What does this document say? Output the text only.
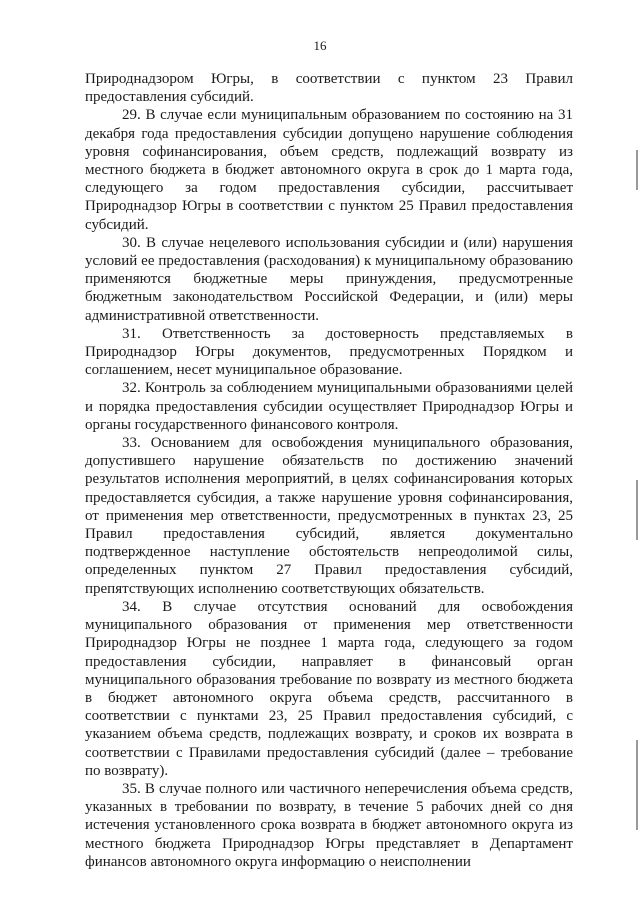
16

Природнадзором Югры, в соответствии с пунктом 23 Правил предоставления субсидий.

29. В случае если муниципальным образованием по состоянию на 31 декабря года предоставления субсидии допущено нарушение соблюдения уровня софинансирования, объем средств, подлежащий возврату из местного бюджета в бюджет автономного округа в срок до 1 марта года, следующего за годом предоставления субсидии, рассчитывает Природнадзор Югры в соответствии с пунктом 25 Правил предоставления субсидий.

30. В случае нецелевого использования субсидии и (или) нарушения условий ее предоставления (расходования) к муниципальному образованию применяются бюджетные меры принуждения, предусмотренные бюджетным законодательством Российской Федерации, и (или) меры административной ответственности.

31. Ответственность за достоверность представляемых в Природнадзор Югры документов, предусмотренных Порядком и соглашением, несет муниципальное образование.

32. Контроль за соблюдением муниципальными образованиями целей и порядка предоставления субсидии осуществляет Природнадзор Югры и органы государственного финансового контроля.

33. Основанием для освобождения муниципального образования, допустившего нарушение обязательств по достижению значений результатов исполнения мероприятий, в целях софинансирования которых предоставляется субсидия, а также нарушение уровня софинансирования, от применения мер ответственности, предусмотренных в пунктах 23, 25 Правил предоставления субсидий, является документально подтвержденное наступление обстоятельств непреодолимой силы, определенных пунктом 27 Правил предоставления субсидий, препятствующих исполнению соответствующих обязательств.

34. В случае отсутствия оснований для освобождения муниципального образования от применения мер ответственности Природнадзор Югры не позднее 1 марта года, следующего за годом предоставления субсидии, направляет в финансовый орган муниципального образования требование по возврату из местного бюджета в бюджет автономного округа объема средств, рассчитанного в соответствии с пунктами 23, 25 Правил предоставления субсидий, с указанием объема средств, подлежащих возврату, и сроков их возврата в соответствии с Правилами предоставления субсидий (далее – требование по возврату).

35. В случае полного или частичного неперечисления объема средств, указанных в требовании по возврату, в течение 5 рабочих дней со дня истечения установленного срока возврата в бюджет автономного округа из местного бюджета Природнадзор Югры представляет в Департамент финансов автономного округа информацию о неисполнении
